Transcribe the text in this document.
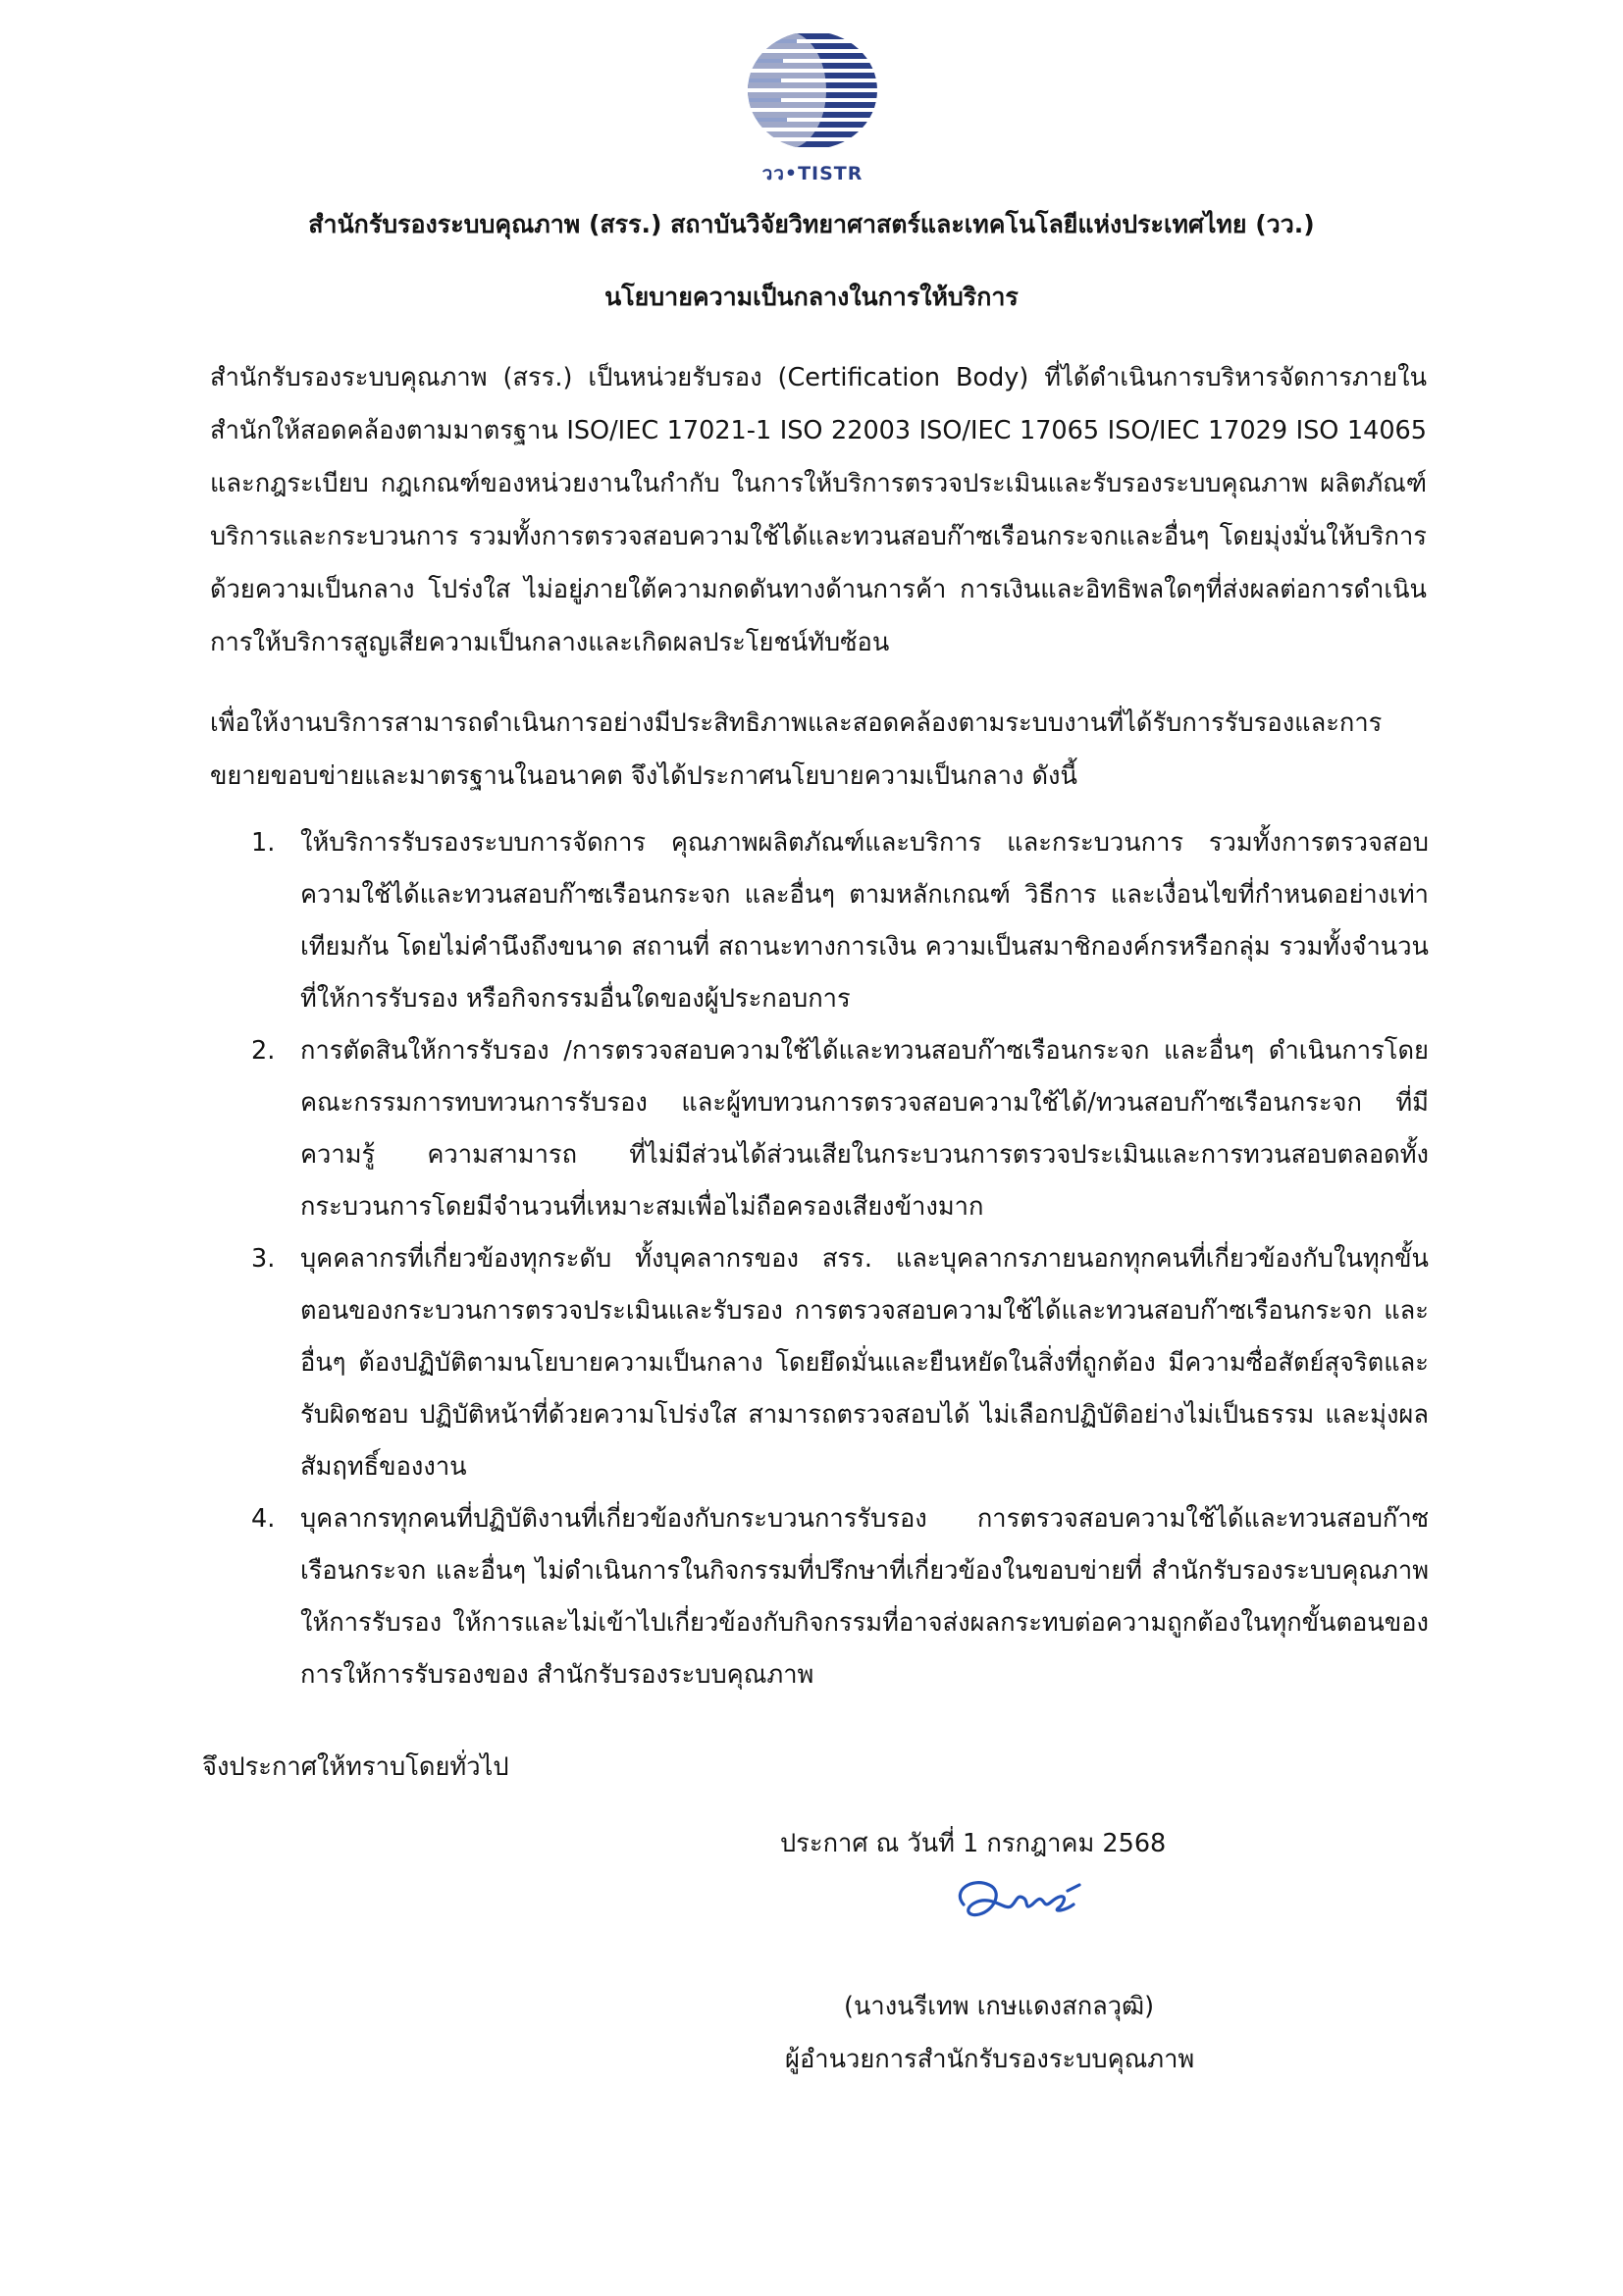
วว•TISTR
สำนักรับรองระบบคุณภาพ (สรร.) สถาบันวิจัยวิทยาศาสตร์และเทคโนโลยีแห่งประเทศไทย (วว.)
นโยบายความเป็นกลางในการให้บริการ
สำนักรับรองระบบคุณภาพ (สรร.) เป็นหน่วยรับรอง (Certification Body) ที่ได้ดำเนินการบริหารจัดการภายในสำนักให้สอดคล้องตามมาตรฐาน ISO/IEC 17021-1 ISO 22003 ISO/IEC 17065 ISO/IEC 17029 ISO 14065 และกฎระเบียบ กฎเกณฑ์ของหน่วยงานในกำกับ ในการให้บริการตรวจประเมินและรับรองระบบคุณภาพ ผลิตภัณฑ์ บริการและกระบวนการ รวมทั้งการตรวจสอบความใช้ได้และทวนสอบก๊าซเรือนกระจกและอื่นๆ โดยมุ่งมั่นให้บริการด้วยความเป็นกลาง โปร่งใส ไม่อยู่ภายใต้ความกดดันทางด้านการค้า การเงินและอิทธิพลใดๆที่ส่งผลต่อการดำเนินการให้บริการสูญเสียความเป็นกลางและเกิดผลประโยชน์ทับซ้อน
เพื่อให้งานบริการสามารถดำเนินการอย่างมีประสิทธิภาพและสอดคล้องตามระบบงานที่ได้รับการรับรองและการขยายขอบข่ายและมาตรฐานในอนาคต จึงได้ประกาศนโยบายความเป็นกลาง ดังนี้
1. ให้บริการรับรองระบบการจัดการ คุณภาพผลิตภัณฑ์และบริการ และกระบวนการ รวมทั้งการตรวจสอบความใช้ได้และทวนสอบก๊าซเรือนกระจก และอื่นๆ ตามหลักเกณฑ์ วิธีการ และเงื่อนไขที่กำหนดอย่างเท่าเทียมกัน โดยไม่คำนึงถึงขนาด สถานที่ สถานะทางการเงิน ความเป็นสมาชิกองค์กรหรือกลุ่ม รวมทั้งจำนวนที่ให้การรับรอง หรือกิจกรรมอื่นใดของผู้ประกอบการ
2. การตัดสินให้การรับรอง /การตรวจสอบความใช้ได้และทวนสอบก๊าซเรือนกระจก และอื่นๆ ดำเนินการโดยคณะกรรมการทบทวนการรับรอง และผู้ทบทวนการตรวจสอบความใช้ได้/ทวนสอบก๊าซเรือนกระจก ที่มีความรู้ ความสามารถ ที่ไม่มีส่วนได้ส่วนเสียในกระบวนการตรวจประเมินและการทวนสอบตลอดทั้งกระบวนการโดยมีจำนวนที่เหมาะสมเพื่อไม่ถือครองเสียงข้างมาก
3. บุคคลากรที่เกี่ยวข้องทุกระดับ ทั้งบุคลากรของ สรร. และบุคลากรภายนอกทุกคนที่เกี่ยวข้องกับในทุกขั้นตอนของกระบวนการตรวจประเมินและรับรอง การตรวจสอบความใช้ได้และทวนสอบก๊าซเรือนกระจก และอื่นๆ ต้องปฏิบัติตามนโยบายความเป็นกลาง โดยยึดมั่นและยืนหยัดในสิ่งที่ถูกต้อง มีความซื่อสัตย์สุจริตและรับผิดชอบ ปฏิบัติหน้าที่ด้วยความโปร่งใส สามารถตรวจสอบได้ ไม่เลือกปฏิบัติอย่างไม่เป็นธรรม และมุ่งผลสัมฤทธิ์ของงาน
4. บุคลากรทุกคนที่ปฏิบัติงานที่เกี่ยวข้องกับกระบวนการรับรอง การตรวจสอบความใช้ได้และทวนสอบก๊าซเรือนกระจก และอื่นๆ ไม่ดำเนินการในกิจกรรมที่ปรึกษาที่เกี่ยวข้องในขอบข่ายที่ สำนักรับรองระบบคุณภาพ ให้การรับรอง ให้การและไม่เข้าไปเกี่ยวข้องกับกิจกรรมที่อาจส่งผลกระทบต่อความถูกต้องในทุกขั้นตอนของการให้การรับรองของ สำนักรับรองระบบคุณภาพ
จึงประกาศให้ทราบโดยทั่วไป
ประกาศ ณ วันที่ 1 กรกฎาคม 2568
(นางนรีเทพ เกษแดงสกลวุฒิ)
ผู้อำนวยการสำนักรับรองระบบคุณภาพ
